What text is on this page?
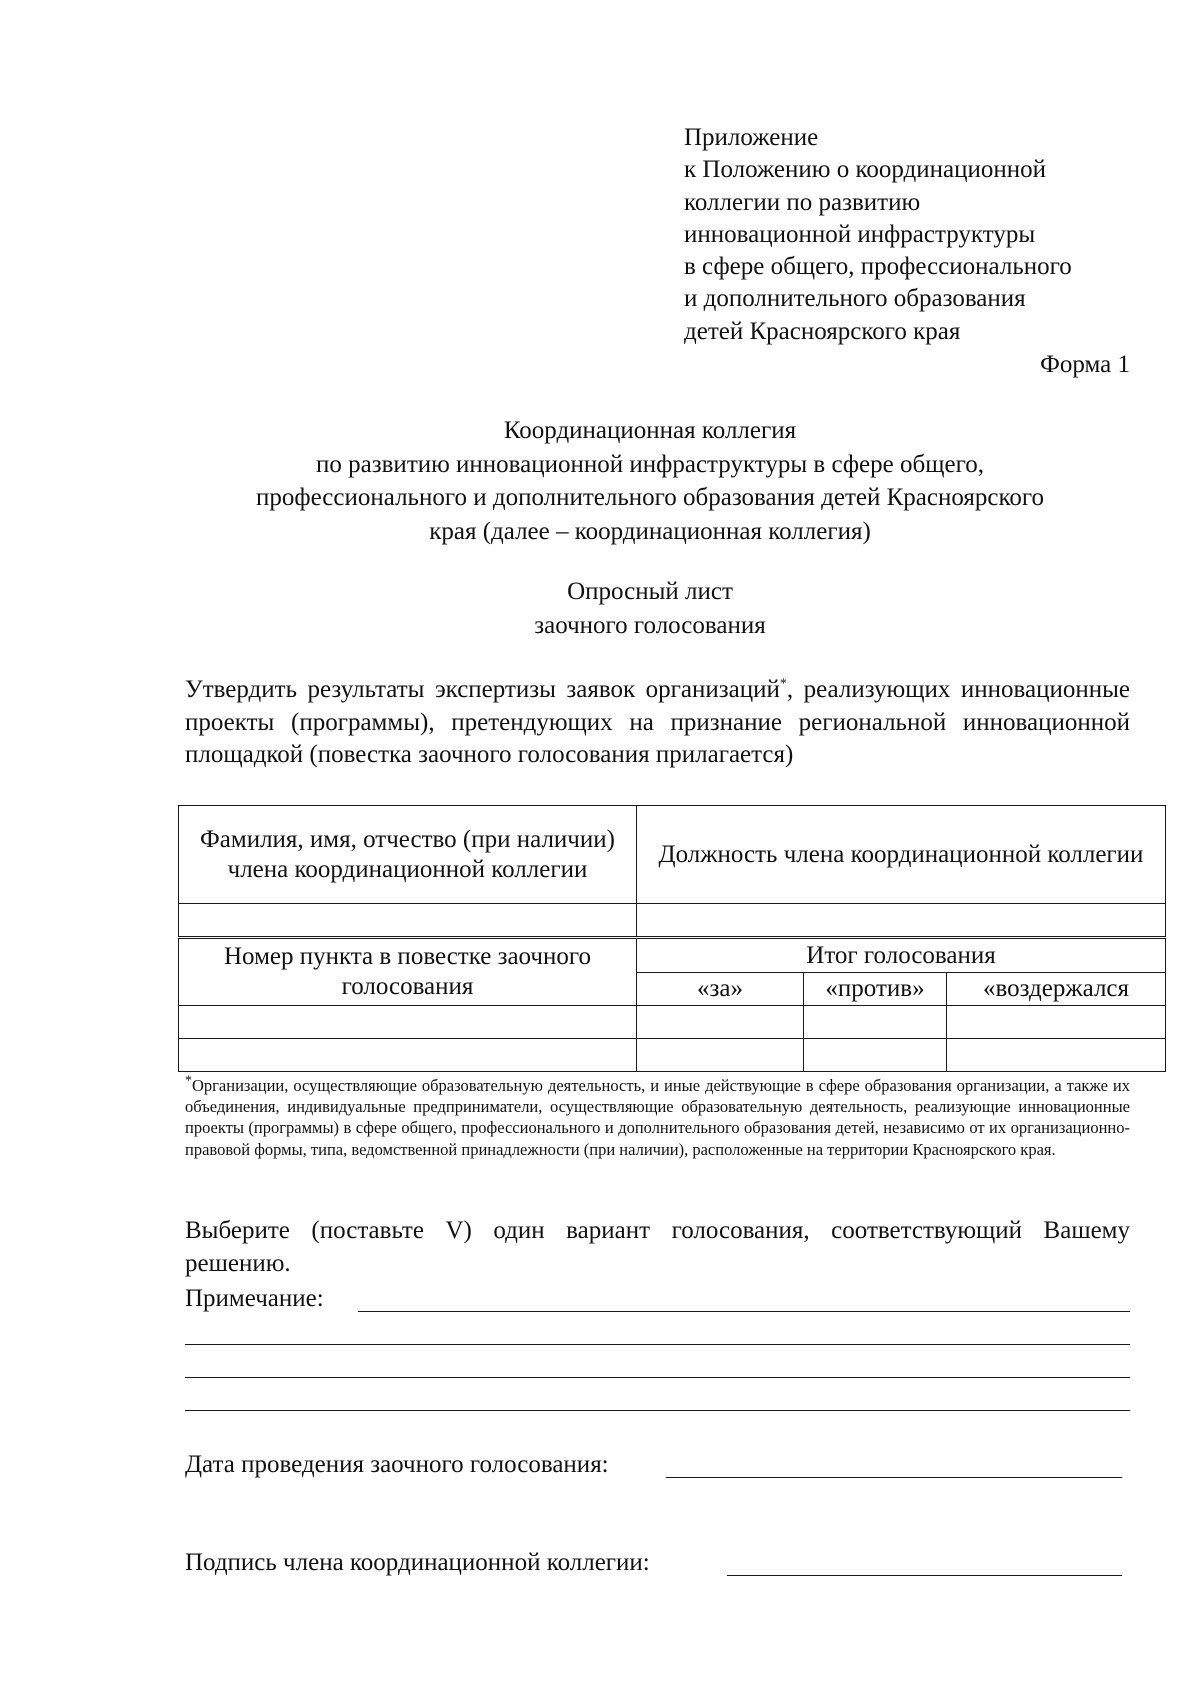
Приложение
к Положению о координационной
коллегии по развитию
инновационной инфраструктуры
в сфере общего, профессионального
и дополнительного образования
детей Красноярского края
Форма 1
Координационная коллегия
по развитию инновационной инфраструктуры в сфере общего,
профессионального и дополнительного образования детей Красноярского
края (далее – координационная коллегия)
Опросный лист
заочного голосования
Утвердить результаты экспертизы заявок организаций*, реализующих инновационные проекты (программы), претендующих на признание региональной инновационной площадкой (повестка заочного голосования прилагается)
Фамилия, имя, отчество (при наличии) члена координационной коллегии	Должность члена координационной коллегии

Номер пункта в повестке заочного голосования	Итог голосования		
	«за»	«против»	«воздержался

*Организации, осуществляющие образовательную деятельность, и иные действующие в сфере образования организации, а также их объединения, индивидуальные предприниматели, осуществляющие образовательную деятельность, реализующие инновационные проекты (программы) в сфере общего, профессионального и дополнительного образования детей, независимо от их организационно-правовой формы, типа, ведомственной принадлежности (при наличии), расположенные на территории Красноярского края.
Выберите (поставьте V) один вариант голосования, соответствующий Вашему решению.
Примечание:
Дата проведения заочного голосования:
Подпись члена координационной коллегии:
